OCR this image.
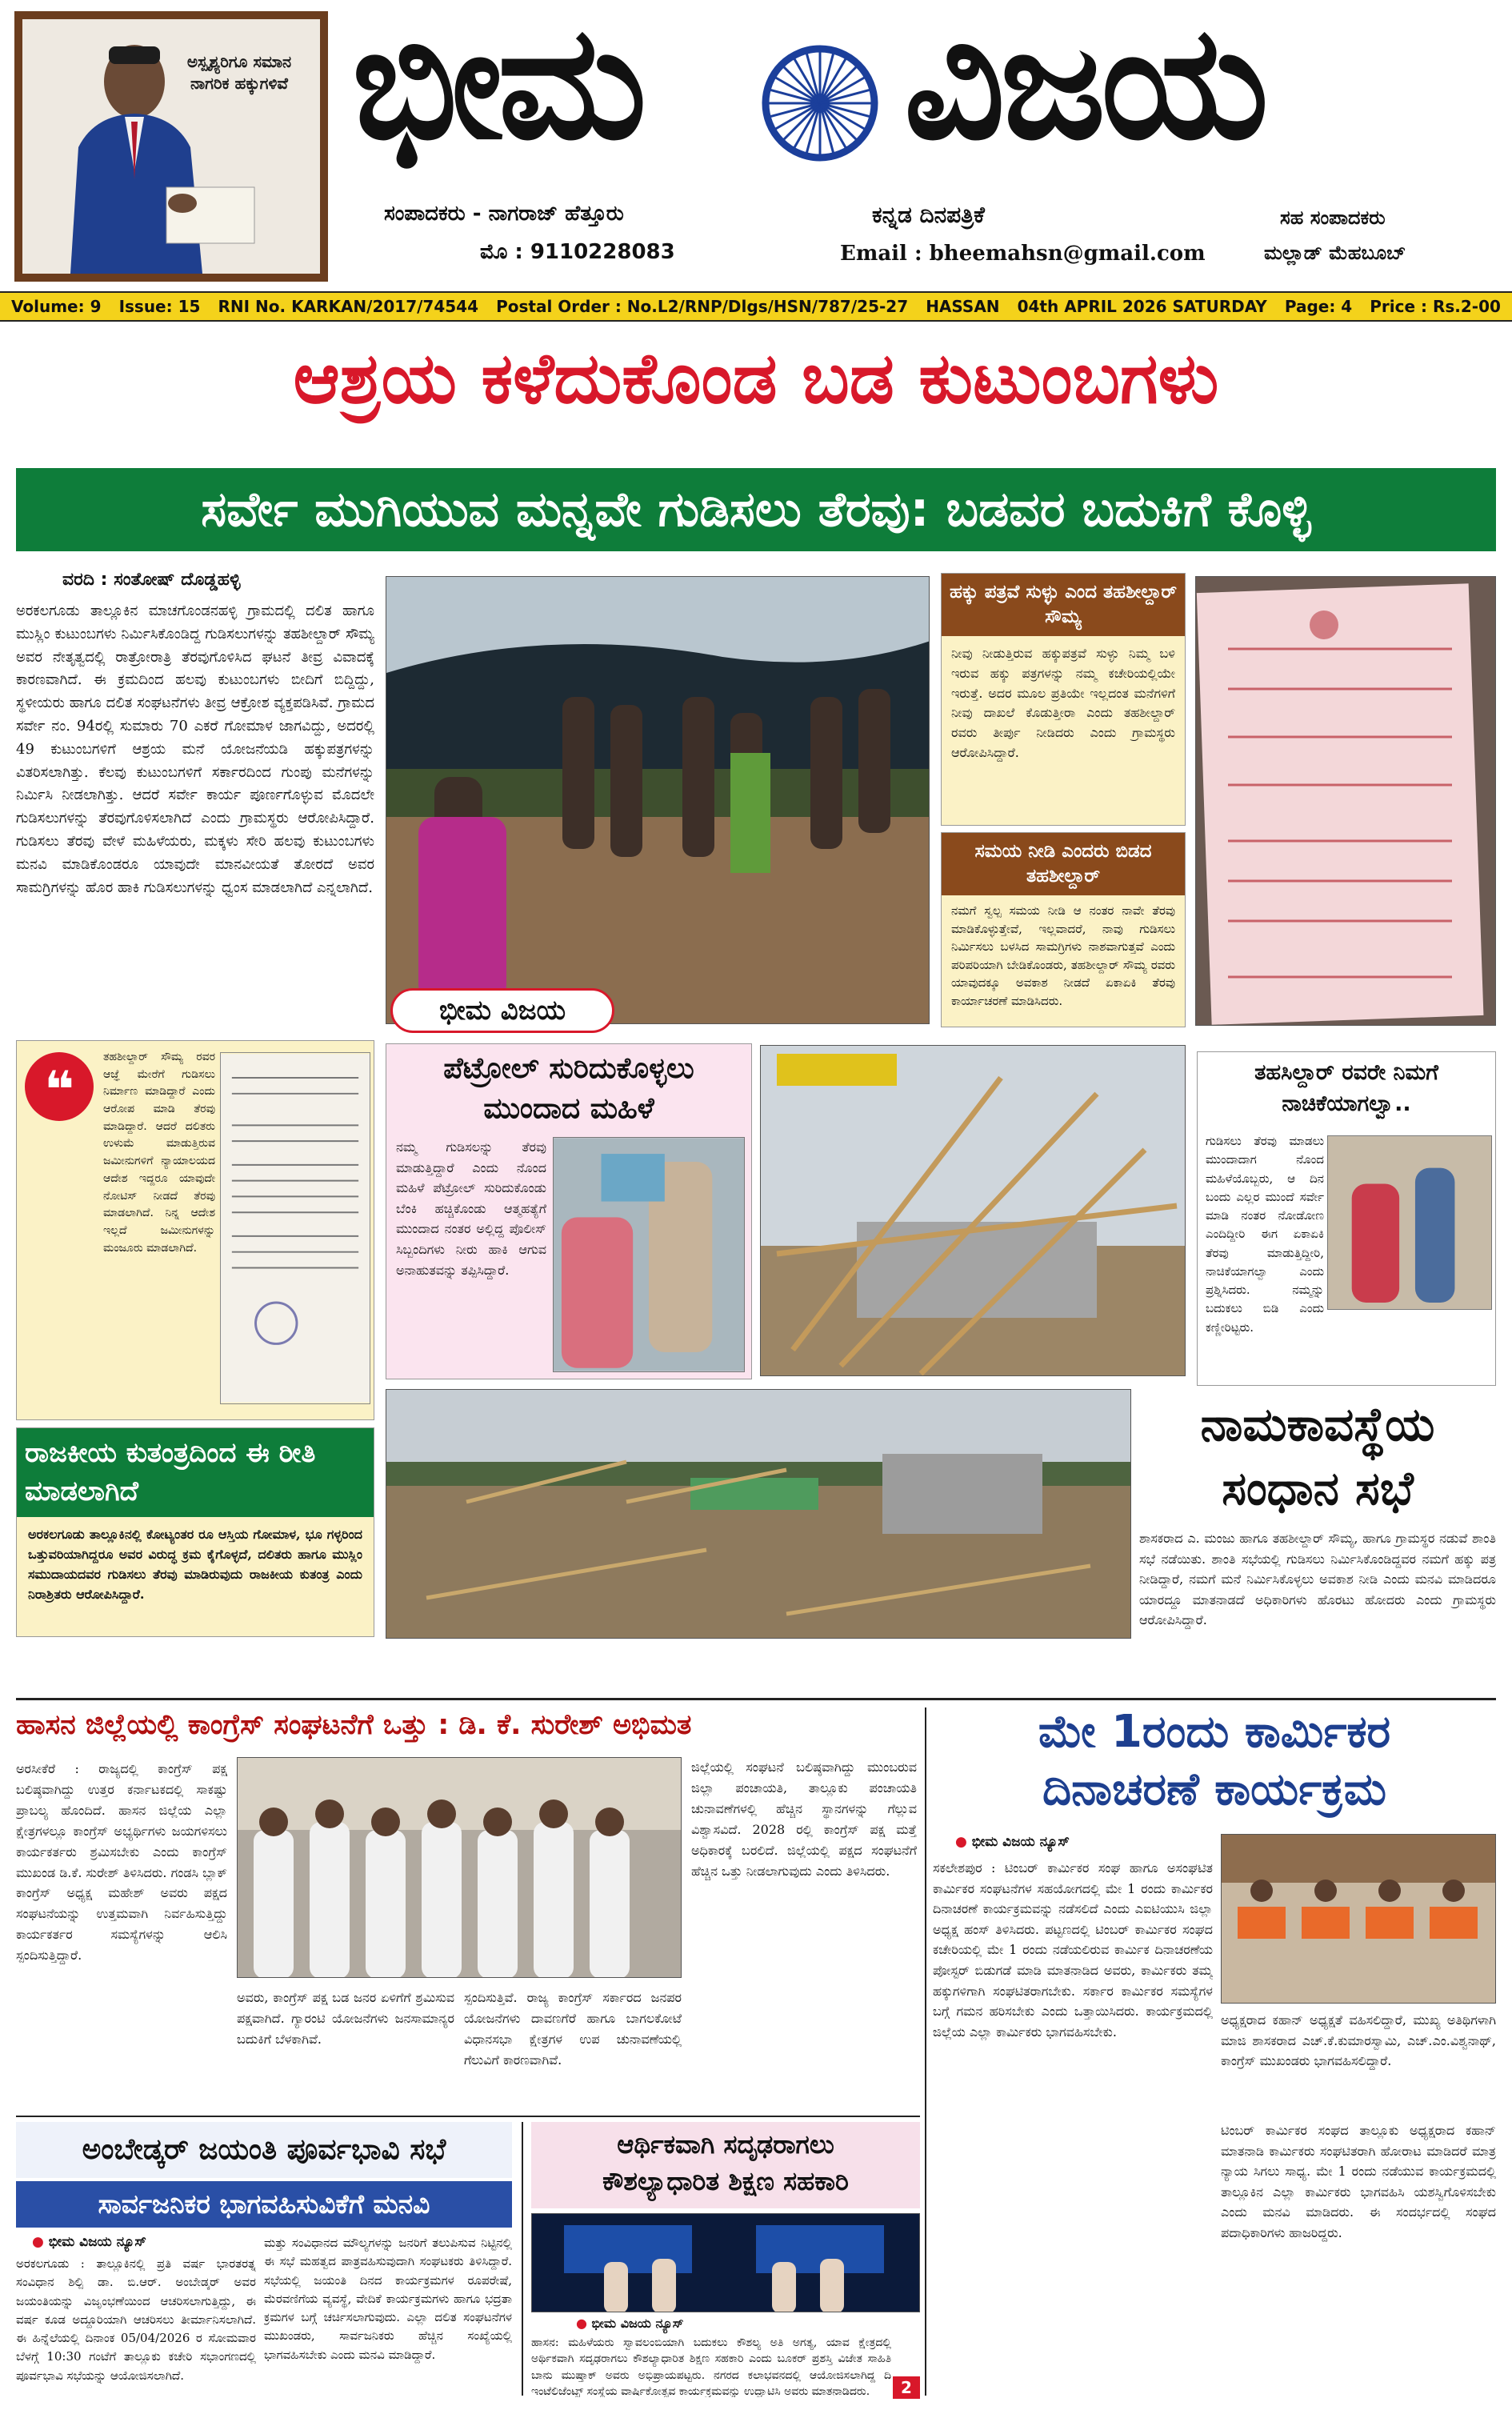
ಅಸ್ಪೃಶ್ಯರಿಗೂ ಸಮಾನ ನಾಗರಿಕ ಹಕ್ಕುಗಳಿವೆ ಭೀಮ ವಿಜಯ
ಸಂಪಾದಕರು - ನಾಗರಾಜ್ ಹೆತ್ತೂರು
ಮೊ : 9110228083
ಕನ್ನಡ ದಿನಪತ್ರಿಕೆ
Email : bheemahsn@gmail.com
ಸಹ ಸಂಪಾದಕರು
ಮಲ್ಲಾಡ್ ಮೆಹಬೂಬ್
Volume: 9 Issue: 15 RNI No. KARKAN/2017/74544 Postal Order : No.L2/RNP/Dlgs/HSN/787/25-27 HASSAN 04th APRIL 2026 SATURDAY Page: 4 Price : Rs.2-00
ಆಶ್ರಯ ಕಳೆದುಕೊಂಡ ಬಡ ಕುಟುಂಬಗಳು
ಸರ್ವೇ ಮುಗಿಯುವ ಮನ್ನವೇ ಗುಡಿಸಲು ತೆರವು: ಬಡವರ ಬದುಕಿಗೆ ಕೊಳ್ಳಿ
ವರದಿ : ಸಂತೋಷ್ ದೊಡ್ಡಹಳ್ಳಿ
ಅರಕಲಗೂಡು ತಾಲ್ಲೂಕಿನ ಮಾಚಗೊಂಡನಹಳ್ಳಿ ಗ್ರಾಮದಲ್ಲಿ ದಲಿತ ಹಾಗೂ ಮುಸ್ಲಿಂ ಕುಟುಂಬಗಳು ನಿರ್ಮಿಸಿಕೊಂಡಿದ್ದ ಗುಡಿಸಲುಗಳನ್ನು ತಹಶೀಲ್ದಾರ್ ಸೌಮ್ಯ ಅವರ ನೇತೃತ್ವದಲ್ಲಿ ರಾತ್ರೋರಾತ್ರಿ ತೆರವುಗೊಳಿಸಿದ ಘಟನೆ ತೀವ್ರ ವಿವಾದಕ್ಕೆ ಕಾರಣವಾಗಿದೆ. ಈ ಕ್ರಮದಿಂದ ಹಲವು ಕುಟುಂಬಗಳು ಬೀದಿಗೆ ಬಿದ್ದಿದ್ದು, ಸ್ಥಳೀಯರು ಹಾಗೂ ದಲಿತ ಸಂಘಟನೆಗಳು ತೀವ್ರ ಆಕ್ರೋಶ ವ್ಯಕ್ತಪಡಿಸಿವೆ. ಗ್ರಾಮದ ಸರ್ವೇ ನಂ. 94ರಲ್ಲಿ ಸುಮಾರು 70 ಎಕರೆ ಗೋಮಾಳ ಜಾಗವಿದ್ದು, ಅದರಲ್ಲಿ 49 ಕುಟುಂಬಗಳಿಗೆ ಆಶ್ರಯ ಮನೆ ಯೋಜನೆಯಡಿ ಹಕ್ಕುಪತ್ರಗಳನ್ನು ವಿತರಿಸಲಾಗಿತ್ತು. ಕೆಲವು ಕುಟುಂಬಗಳಿಗೆ ಸರ್ಕಾರದಿಂದ ಗುಂಪು ಮನೆಗಳನ್ನು ನಿರ್ಮಿಸಿ ನೀಡಲಾಗಿತ್ತು. ಆದರೆ ಸರ್ವೇ ಕಾರ್ಯ ಪೂರ್ಣಗೊಳ್ಳುವ ಮೊದಲೇ ಗುಡಿಸಲುಗಳನ್ನು ತೆರವುಗೊಳಿಸಲಾಗಿದೆ ಎಂದು ಗ್ರಾಮಸ್ಥರು ಆರೋಪಿಸಿದ್ದಾರೆ. ಗುಡಿಸಲು ತೆರವು ವೇಳೆ ಮಹಿಳೆಯರು, ಮಕ್ಕಳು ಸೇರಿ ಹಲವು ಕುಟುಂಬಗಳು ಮನವಿ ಮಾಡಿಕೊಂಡರೂ ಯಾವುದೇ ಮಾನವೀಯತೆ ತೋರದೆ ಅವರ ಸಾಮಗ್ರಿಗಳನ್ನು ಹೊರ ಹಾಕಿ ಗುಡಿಸಲುಗಳನ್ನು ಧ್ವಂಸ ಮಾಡಲಾಗಿದೆ ಎನ್ನಲಾಗಿದೆ.
ಭೀಮ ವಿಜಯ
ಹಕ್ಕು ಪತ್ರವೆ ಸುಳ್ಳು ಎಂದ ತಹಶೀಲ್ದಾರ್ ಸೌಮ್ಯ
ನೀವು ನೀಡುತ್ತಿರುವ ಹಕ್ಕುಪತ್ರವೆ ಸುಳ್ಳು ನಿಮ್ಮ ಬಳಿ ಇರುವ ಹಕ್ಕು ಪತ್ರಗಳನ್ನು ನಮ್ಮ ಕಚೇರಿಯಲ್ಲಿಯೇ ಇರುತ್ತೆ. ಅದರ ಮೂಲ ಪ್ರತಿಯೇ ಇಲ್ಲದಂತ ಮನೆಗಳಿಗೆ ನೀವು ದಾಖಲೆ ಕೊಡುತ್ತೀರಾ ಎಂದು ತಹಶೀಲ್ದಾರ್ ರವರು ತೀರ್ಪು ನೀಡಿದರು ಎಂದು ಗ್ರಾಮಸ್ಥರು ಆರೋಪಿಸಿದ್ದಾರೆ.
ಸಮಯ ನೀಡಿ ಎಂದರು ಬಿಡದ ತಹಶೀಲ್ದಾರ್
ನಮಗೆ ಸ್ವಲ್ಪ ಸಮಯ ನೀಡಿ ಆ ನಂತರ ನಾವೇ ತೆರವು ಮಾಡಿಕೊಳ್ಳುತ್ತೇವೆ, ಇಲ್ಲವಾದರೆ, ನಾವು ಗುಡಿಸಲು ನಿರ್ಮಿಸಲು ಬಳಸಿದ ಸಾಮಗ್ರಿಗಳು ನಾಶವಾಗುತ್ತವೆ ಎಂದು ಪರಿಪರಿಯಾಗಿ ಬೇಡಿಕೊಂಡರು, ತಹಶೀಲ್ದಾರ್ ಸೌಮ್ಯ ರವರು ಯಾವುದಕ್ಕೂ ಅವಕಾಶ ನೀಡದೆ ಏಕಾಏಕಿ ತೆರವು ಕಾರ್ಯಾಚರಣೆ ಮಾಡಿಸಿದರು.
❝
ತಹಶೀಲ್ದಾರ್ ಸೌಮ್ಯ ರವರ ಆಜ್ಞೆ ಮೇರೆಗೆ ಗುಡಿಸಲು ನಿರ್ಮಾಣ ಮಾಡಿದ್ದಾರೆ ಎಂದು ಆರೋಪ ಮಾಡಿ ತೆರವು ಮಾಡಿದ್ದಾರೆ. ಆದರೆ ದಲಿತರು ಉಳುಮೆ ಮಾಡುತ್ತಿರುವ ಜಮೀನುಗಳಿಗೆ ನ್ಯಾಯಾಲಯದ ಆದೇಶ ಇದ್ದರೂ ಯಾವುದೇ ನೋಟಿಸ್ ನೀಡದೆ ತೆರವು ಮಾಡಲಾಗಿದೆ. ನಿನ್ನ ಆದೇಶ ಇಲ್ಲದೆ ಜಮೀನುಗಳನ್ನು ಮಂಜೂರು ಮಾಡಲಾಗಿದೆ.
ರಾಜಕೀಯ ಕುತಂತ್ರದಿಂದ ಈ ರೀತಿ ಮಾಡಲಾಗಿದೆ
ಅರಕಲಗೂಡು ತಾಲ್ಲೂಕಿನಲ್ಲಿ ಕೋಟ್ಯಂತರ ರೂ ಆಸ್ತಿಯ ಗೋಮಾಳ, ಭೂ ಗಳ್ಳರಿಂದ ಒತ್ತುವರಿಯಾಗಿದ್ದರೂ ಅವರ ವಿರುದ್ಧ ಕ್ರಮ ಕೈಗೊಳ್ಳದೆ, ದಲಿತರು ಹಾಗೂ ಮುಸ್ಲಿಂ ಸಮುದಾಯದವರ ಗುಡಿಸಲು ತೆರವು ಮಾಡಿರುವುದು ರಾಜಕೀಯ ಕುತಂತ್ರ ಎಂದು ನಿರಾಶ್ರಿತರು ಆರೋಪಿಸಿದ್ದಾರೆ.
ಪೆಟ್ರೋಲ್ ಸುರಿದುಕೊಳ್ಳಲು ಮುಂದಾದ ಮಹಿಳೆ
ನಮ್ಮ ಗುಡಿಸಲನ್ನು ತೆರವು ಮಾಡುತ್ತಿದ್ದಾರೆ ಎಂದು ನೊಂದ ಮಹಿಳೆ ಪೆಟ್ರೋಲ್ ಸುರಿದುಕೊಂಡು ಬೆಂಕಿ ಹಚ್ಚಿಕೊಂಡು ಆತ್ಮಹತ್ಯೆಗೆ ಮುಂದಾದ ನಂತರ ಅಲ್ಲಿದ್ದ ಪೊಲೀಸ್ ಸಿಬ್ಬಂದಿಗಳು ನೀರು ಹಾಕಿ ಆಗುವ ಅನಾಹುತವನ್ನು ತಪ್ಪಿಸಿದ್ದಾರೆ.
ತಹಸಿಲ್ದಾರ್ ರವರೇ ನಿಮಗೆ ನಾಚಿಕೆಯಾಗಲ್ವಾ..
ಗುಡಿಸಲು ತೆರವು ಮಾಡಲು ಮುಂದಾದಾಗ ನೊಂದ ಮಹಿಳೆಯೊಬ್ಬರು, ಆ ದಿನ ಬಂದು ಎಲ್ಲರ ಮುಂದೆ ಸರ್ವೇ ಮಾಡಿ ನಂತರ ನೋಡೋಣ ಎಂದಿದ್ದೀರಿ ಈಗ ಏಕಾಏಕಿ ತೆರವು ಮಾಡುತ್ತಿದ್ದೀರಿ, ನಾಚಿಕೆಯಾಗಲ್ವಾ ಎಂದು ಪ್ರಶ್ನಿಸಿದರು. ನಮ್ಮನ್ನು ಬದುಕಲು ಬಿಡಿ ಎಂದು ಕಣ್ಣೀರಿಟ್ಟರು.
ನಾಮಕಾವಸ್ಥೆಯ
ಸಂಧಾನ ಸಭೆ
ಶಾಸಕರಾದ ಎ. ಮಂಜು ಹಾಗೂ ತಹಶೀಲ್ದಾರ್ ಸೌಮ್ಯ, ಹಾಗೂ ಗ್ರಾಮಸ್ಥರ ನಡುವೆ ಶಾಂತಿ ಸಭೆ ನಡೆಯಿತು. ಶಾಂತಿ ಸಭೆಯಲ್ಲಿ ಗುಡಿಸಲು ನಿರ್ಮಿಸಿಕೊಂಡಿದ್ದವರ ನಮಗೆ ಹಕ್ಕು ಪತ್ರ ನೀಡಿದ್ದಾರೆ, ನಮಗೆ ಮನೆ ನಿರ್ಮಿಸಿಕೊಳ್ಳಲು ಅವಕಾಶ ನೀಡಿ ಎಂದು ಮನವಿ ಮಾಡಿದರೂ ಯಾರದ್ದೂ ಮಾತನಾಡದೆ ಅಧಿಕಾರಿಗಳು ಹೊರಟು ಹೋದರು ಎಂದು ಗ್ರಾಮಸ್ಥರು ಆರೋಪಿಸಿದ್ದಾರೆ.
ಹಾಸನ ಜಿಲ್ಲೆಯಲ್ಲಿ ಕಾಂಗ್ರೆಸ್ ಸಂಘಟನೆಗೆ ಒತ್ತು : ಡಿ. ಕೆ. ಸುರೇಶ್ ಅಭಿಮತ
ಅರಸೀಕೆರೆ : ರಾಜ್ಯದಲ್ಲಿ ಕಾಂಗ್ರೆಸ್ ಪಕ್ಷ ಬಲಿಷ್ಠವಾಗಿದ್ದು ಉತ್ತರ ಕರ್ನಾಟಕದಲ್ಲಿ ಸಾಕಷ್ಟು ಪ್ರಾಬಲ್ಯ ಹೊಂದಿದೆ. ಹಾಸನ ಜಿಲ್ಲೆಯ ಎಲ್ಲಾ ಕ್ಷೇತ್ರಗಳಲ್ಲೂ ಕಾಂಗ್ರೆಸ್ ಅಭ್ಯರ್ಥಿಗಳು ಜಯಗಳಿಸಲು ಕಾರ್ಯಕರ್ತರು ಶ್ರಮಿಸಬೇಕು ಎಂದು ಕಾಂಗ್ರೆಸ್ ಮುಖಂಡ ಡಿ.ಕೆ. ಸುರೇಶ್ ತಿಳಿಸಿದರು. ಗಂಡಸಿ ಬ್ಲಾಕ್ ಕಾಂಗ್ರೆಸ್ ಅಧ್ಯಕ್ಷ ಮಹೇಶ್ ಅವರು ಪಕ್ಷದ ಸಂಘಟನೆಯನ್ನು ಉತ್ತಮವಾಗಿ ನಿರ್ವಹಿಸುತ್ತಿದ್ದು ಕಾರ್ಯಕರ್ತರ ಸಮಸ್ಯೆಗಳನ್ನು ಆಲಿಸಿ ಸ್ಪಂದಿಸುತ್ತಿದ್ದಾರೆ.
ಅವರು, ಕಾಂಗ್ರೆಸ್ ಪಕ್ಷ ಬಡ ಜನರ ಏಳಿಗೆಗೆ ಶ್ರಮಿಸುವ ಪಕ್ಷವಾಗಿದೆ. ಗ್ಯಾರಂಟಿ ಯೋಜನೆಗಳು ಜನಸಾಮಾನ್ಯರ ಬದುಕಿಗೆ ಬೆಳಕಾಗಿವೆ.
ಸ್ಪಂದಿಸುತ್ತಿವೆ. ರಾಜ್ಯ ಕಾಂಗ್ರೆಸ್ ಸರ್ಕಾರದ ಜನಪರ ಯೋಜನೆಗಳು ದಾವಣಗೆರೆ ಹಾಗೂ ಬಾಗಲಕೋಟೆ ವಿಧಾನಸಭಾ ಕ್ಷೇತ್ರಗಳ ಉಪ ಚುನಾವಣೆಯಲ್ಲಿ ಗೆಲುವಿಗೆ ಕಾರಣವಾಗಿವೆ.
ಜಿಲ್ಲೆಯಲ್ಲಿ ಸಂಘಟನೆ ಬಲಿಷ್ಠವಾಗಿದ್ದು ಮುಂಬರುವ ಜಿಲ್ಲಾ ಪಂಚಾಯತಿ, ತಾಲ್ಲೂಕು ಪಂಚಾಯತಿ ಚುನಾವಣೆಗಳಲ್ಲಿ ಹೆಚ್ಚಿನ ಸ್ಥಾನಗಳನ್ನು ಗೆಲ್ಲುವ ವಿಶ್ವಾಸವಿದೆ. 2028 ರಲ್ಲಿ ಕಾಂಗ್ರೆಸ್ ಪಕ್ಷ ಮತ್ತೆ ಅಧಿಕಾರಕ್ಕೆ ಬರಲಿದೆ. ಜಿಲ್ಲೆಯಲ್ಲಿ ಪಕ್ಷದ ಸಂಘಟನೆಗೆ ಹೆಚ್ಚಿನ ಒತ್ತು ನೀಡಲಾಗುವುದು ಎಂದು ತಿಳಿಸಿದರು.
ಮೇ 1ರಂದು ಕಾರ್ಮಿಕರ
ದಿನಾಚರಣೆ ಕಾರ್ಯಕ್ರಮ
● ಭೀಮ ವಿಜಯ ನ್ಯೂಸ್
ಸಕಲೇಶಪುರ : ಟಿಂಬರ್ ಕಾರ್ಮಿಕರ ಸಂಘ ಹಾಗೂ ಅಸಂಘಟಿತ ಕಾರ್ಮಿಕರ ಸಂಘಟನೆಗಳ ಸಹಯೋಗದಲ್ಲಿ ಮೇ 1 ರಂದು ಕಾರ್ಮಿಕರ ದಿನಾಚರಣೆ ಕಾರ್ಯಕ್ರಮವನ್ನು ನಡೆಸಲಿದೆ ಎಂದು ಎಐಟಿಯುಸಿ ಜಿಲ್ಲಾ ಅಧ್ಯಕ್ಷ ಹಂಸ್ ತಿಳಿಸಿದರು. ಪಟ್ಟಣದಲ್ಲಿ ಟಿಂಬರ್ ಕಾರ್ಮಿಕರ ಸಂಘದ ಕಚೇರಿಯಲ್ಲಿ ಮೇ 1 ರಂದು ನಡೆಯಲಿರುವ ಕಾರ್ಮಿಕ ದಿನಾಚರಣೆಯ ಪೋಸ್ಟರ್ ಬಿಡುಗಡೆ ಮಾಡಿ ಮಾತನಾಡಿದ ಅವರು, ಕಾರ್ಮಿಕರು ತಮ್ಮ ಹಕ್ಕುಗಳಿಗಾಗಿ ಸಂಘಟಿತರಾಗಬೇಕು. ಸರ್ಕಾರ ಕಾರ್ಮಿಕರ ಸಮಸ್ಯೆಗಳ ಬಗ್ಗೆ ಗಮನ ಹರಿಸಬೇಕು ಎಂದು ಒತ್ತಾಯಿಸಿದರು. ಕಾರ್ಯಕ್ರಮದಲ್ಲಿ ಜಿಲ್ಲೆಯ ಎಲ್ಲಾ ಕಾರ್ಮಿಕರು ಭಾಗವಹಿಸಬೇಕು.
ಅಧ್ಯಕ್ಷರಾದ ಕಹಾನ್ ಅಧ್ಯಕ್ಷತೆ ವಹಿಸಲಿದ್ದಾರೆ, ಮುಖ್ಯ ಅತಿಥಿಗಳಾಗಿ ಮಾಜಿ ಶಾಸಕರಾದ ಎಚ್.ಕೆ.ಕುಮಾರಸ್ವಾಮಿ, ಎಚ್.ಎಂ.ವಿಶ್ವನಾಥ್, ಕಾಂಗ್ರೆಸ್ ಮುಖಂಡರು ಭಾಗವಹಿಸಲಿದ್ದಾರೆ.
ಟಿಂಬರ್ ಕಾರ್ಮಿಕರ ಸಂಘದ ತಾಲ್ಲೂಕು ಅಧ್ಯಕ್ಷರಾದ ಕಹಾನ್ ಮಾತನಾಡಿ ಕಾರ್ಮಿಕರು ಸಂಘಟಿತರಾಗಿ ಹೋರಾಟ ಮಾಡಿದರೆ ಮಾತ್ರ ನ್ಯಾಯ ಸಿಗಲು ಸಾಧ್ಯ. ಮೇ 1 ರಂದು ನಡೆಯುವ ಕಾರ್ಯಕ್ರಮದಲ್ಲಿ ತಾಲ್ಲೂಕಿನ ಎಲ್ಲಾ ಕಾರ್ಮಿಕರು ಭಾಗವಹಿಸಿ ಯಶಸ್ವಿಗೊಳಿಸಬೇಕು ಎಂದು ಮನವಿ ಮಾಡಿದರು. ಈ ಸಂದರ್ಭದಲ್ಲಿ ಸಂಘದ ಪದಾಧಿಕಾರಿಗಳು ಹಾಜರಿದ್ದರು.
ಅಂಬೇಡ್ಕರ್ ಜಯಂತಿ ಪೂರ್ವಭಾವಿ ಸಭೆ
ಸಾರ್ವಜನಿಕರ ಭಾಗವಹಿಸುವಿಕೆಗೆ ಮನವಿ
● ಭೀಮ ವಿಜಯ ನ್ಯೂಸ್
ಅರಕಲಗೂಡು : ತಾಲ್ಲೂಕಿನಲ್ಲಿ ಪ್ರತಿ ವರ್ಷ ಭಾರತರತ್ನ ಸಂವಿಧಾನ ಶಿಲ್ಪಿ ಡಾ. ಬಿ.ಆರ್. ಅಂಬೇಡ್ಕರ್ ಅವರ ಜಯಂತಿಯನ್ನು ವಿಜೃಂಭಣೆಯಿಂದ ಆಚರಿಸಲಾಗುತ್ತಿದ್ದು, ಈ ವರ್ಷ ಕೂಡ ಅದ್ದೂರಿಯಾಗಿ ಆಚರಿಸಲು ತೀರ್ಮಾನಿಸಲಾಗಿದೆ. ಈ ಹಿನ್ನೆಲೆಯಲ್ಲಿ ದಿನಾಂಕ 05/04/2026 ರ ಸೋಮವಾರ ಬೆಳಗ್ಗೆ 10:30 ಗಂಟೆಗೆ ತಾಲ್ಲೂಕು ಕಚೇರಿ ಸಭಾಂಗಣದಲ್ಲಿ ಪೂರ್ವಭಾವಿ ಸಭೆಯನ್ನು ಆಯೋಜಿಸಲಾಗಿದೆ.
ಮತ್ತು ಸಂವಿಧಾನದ ಮೌಲ್ಯಗಳನ್ನು ಜನರಿಗೆ ತಲುಪಿಸುವ ನಿಟ್ಟಿನಲ್ಲಿ ಈ ಸಭೆ ಮಹತ್ವದ ಪಾತ್ರವಹಿಸುವುದಾಗಿ ಸಂಘಟಕರು ತಿಳಿಸಿದ್ದಾರೆ. ಸಭೆಯಲ್ಲಿ ಜಯಂತಿ ದಿನದ ಕಾರ್ಯಕ್ರಮಗಳ ರೂಪರೇಷೆ, ಮೆರವಣಿಗೆಯ ವ್ಯವಸ್ಥೆ, ವೇದಿಕೆ ಕಾರ್ಯಕ್ರಮಗಳು ಹಾಗೂ ಭದ್ರತಾ ಕ್ರಮಗಳ ಬಗ್ಗೆ ಚರ್ಚಿಸಲಾಗುವುದು. ಎಲ್ಲಾ ದಲಿತ ಸಂಘಟನೆಗಳ ಮುಖಂಡರು, ಸಾರ್ವಜನಿಕರು ಹೆಚ್ಚಿನ ಸಂಖ್ಯೆಯಲ್ಲಿ ಭಾಗವಹಿಸಬೇಕು ಎಂದು ಮನವಿ ಮಾಡಿದ್ದಾರೆ.
ಆರ್ಥಿಕವಾಗಿ ಸದೃಢರಾಗಲು
ಕೌಶಲ್ಯಾಧಾರಿತ ಶಿಕ್ಷಣ ಸಹಕಾರಿ
● ಭೀಮ ವಿಜಯ ನ್ಯೂಸ್
ಹಾಸನ: ಮಹಿಳೆಯರು ಸ್ವಾವಲಂಬಿಯಾಗಿ ಬದುಕಲು ಕೌಶಲ್ಯ ಅತಿ ಅಗತ್ಯ, ಯಾವ ಕ್ಷೇತ್ರದಲ್ಲಿ ಅರ್ಥಿಕವಾಗಿ ಸದೃಢರಾಗಲು ಕೌಶಲ್ಯಾಧಾರಿತ ಶಿಕ್ಷಣ ಸಹಕಾರಿ ಎಂದು ಬೂಕರ್ ಪ್ರಶಸ್ತಿ ವಿಜೇತ ಸಾಹಿತಿ ಬಾನು ಮುಷ್ತಾಕ್ ಅವರು ಅಭಿಪ್ರಾಯಪಟ್ಟರು. ನಗರದ ಕಲಾಭವನದಲ್ಲಿ ಆಯೋಜಿಸಲಾಗಿದ್ದ ದಿ ಇಂಟೆಲಿಜೆಂಟ್ಸ್ ಸಂಸ್ಥೆಯ ವಾರ್ಷಿಕೋತ್ಸವ ಕಾರ್ಯಕ್ರಮವನ್ನು ಉದ್ಘಾಟಿಸಿ ಅವರು ಮಾತನಾಡಿದರು.	2
